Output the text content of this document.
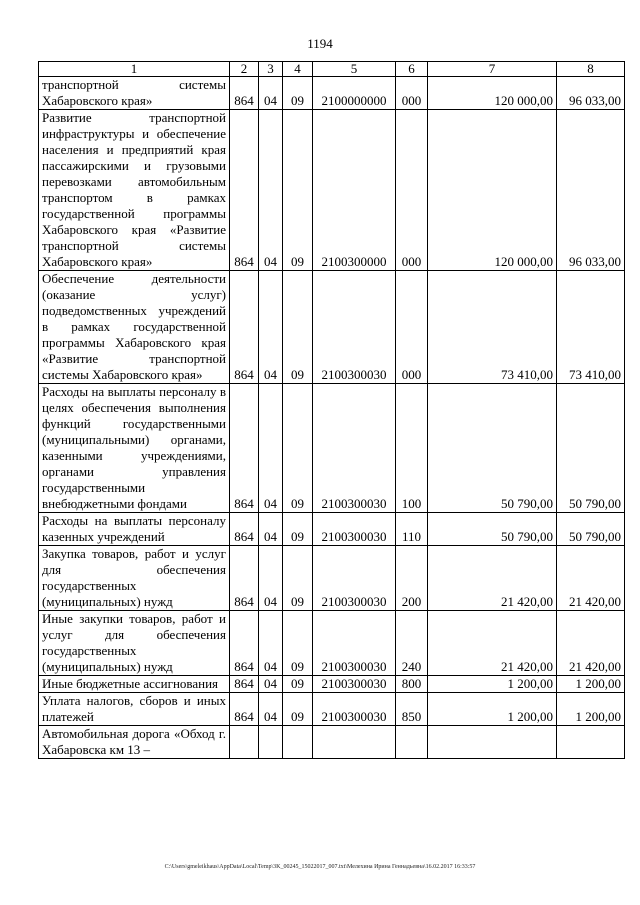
1194
1	2	3	4	5	6	7	8
транспортной системы Хабаровского края»	864	04	09	2100000000	000	120 000,00	96 033,00
Развитие транспортной инфраструктуры и обеспечение населения и предприятий края пассажирскими и грузовыми перевозками автомобильным транспортом в рамках государственной программы Хабаровского края «Развитие транспортной системы Хабаровского края»	864	04	09	2100300000	000	120 000,00	96 033,00
Обеспечение деятельности (оказание услуг) подведомственных учреждений в рамках государственной программы Хабаровского края «Развитие транспортной системы Хабаровского края»	864	04	09	2100300030	000	73 410,00	73 410,00
Расходы на выплаты персоналу в целях обеспечения выполнения функций государственными (муниципальными) органами, казенными учреждениями, органами управления государственными внебюджетными фондами	864	04	09	2100300030	100	50 790,00	50 790,00
Расходы на выплаты персоналу казенных учреждений	864	04	09	2100300030	110	50 790,00	50 790,00
Закупка товаров, работ и услуг для обеспечения государственных (муниципальных) нужд	864	04	09	2100300030	200	21 420,00	21 420,00
Иные закупки товаров, работ и услуг для обеспечения государственных (муниципальных) нужд	864	04	09	2100300030	240	21 420,00	21 420,00
Иные бюджетные ассигнования	864	04	09	2100300030	800	1 200,00	1 200,00
Уплата налогов, сборов и иных платежей	864	04	09	2100300030	850	1 200,00	1 200,00
Автомобильная дорога «Обход г. Хабаровска км 13 –							
C:\Users\gmeleikhaus\AppData\Local\Temp\3K_00245_15022017_007.txt\Мелехина Ирина Геннадьевна\16.02.2017 16:33:57
